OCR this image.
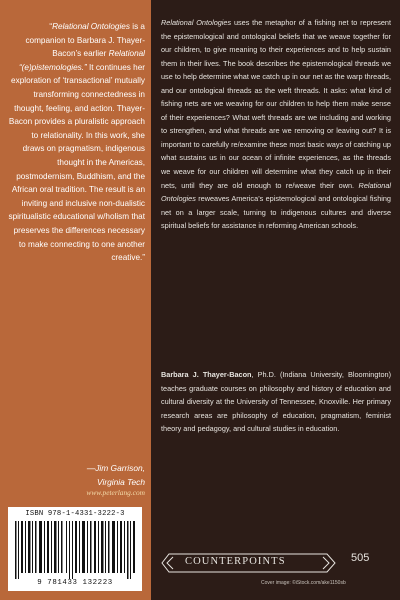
“Relational Ontologies is a companion to Barbara J. Thayer-Bacon’s earlier Relational “(e)pistemologies.” It continues her exploration of ‘transactional’ mutually transforming connectedness in thought, feeling, and action. Thayer-Bacon provides a pluralistic approach to relationality. In this work, she draws on pragmatism, indigenous thought in the Americas, postmodernism, Buddhism, and the African oral tradition. The result is an inviting and inclusive non-dualistic spiritualistic educational w/holism that preserves the differences necessary to make connecting to one another creative.”
—Jim Garrison,
Virginia Tech
www.peterlang.com
ISBN 978-1-4331-3222-3
9 781433 132223
Relational Ontologies uses the metaphor of a fishing net to represent the epistemological and ontological beliefs that we weave together for our children, to give meaning to their experiences and to help sustain them in their lives. The book describes the epistemological threads we use to help determine what we catch up in our net as the warp threads, and our ontological threads as the weft threads. It asks: what kind of fishing nets are we weaving for our children to help them make sense of their experiences? What weft threads are we including and working to strengthen, and what threads are we removing or leaving out? It is important to carefully re/examine these most basic ways of catching up what sustains us in our ocean of infinite experiences, as the threads we weave for our children will determine what they catch up in their nets, until they are old enough to re/weave their own. Relational Ontologies reweaves America’s epistemological and ontological fishing net on a larger scale, turning to indigenous cultures and diverse spiritual beliefs for assistance in reforming American schools.
Barbara J. Thayer-Bacon, Ph.D. (Indiana University, Bloomington) teaches graduate courses on philosophy and history of education and cultural diversity at the University of Tennessee, Knoxville. Her primary research areas are philosophy of education, pragmatism, feminist theory and pedagogy, and cultural studies in education.
COUNTERPOINTS	505
Cover image: ©iStock.com/ake1150sb
